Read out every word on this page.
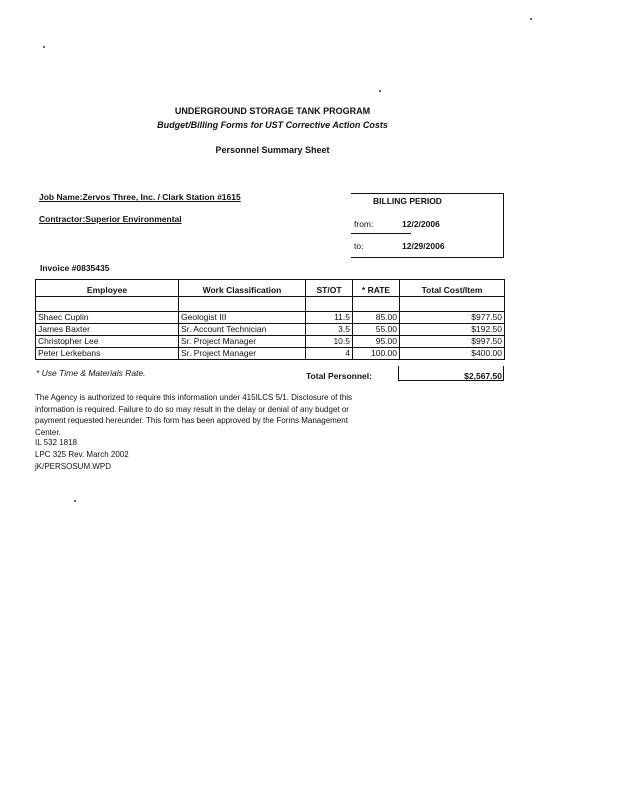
UNDERGROUND STORAGE TANK PROGRAM
Budget/Billing Forms for UST Corrective Action Costs
Personnel Summary Sheet
Job Name:Zervos Three, Inc. / Clark Station #1615
Contractor:Superior Environmental
Invoice #0835435
BILLING PERIOD
from:	12/2/2006
to:	12/29/2006
Employee	Work Classification	ST/OT	* RATE	Total Cost/Item

Shaec Cuplin	Geologist III	11.5	85.00	$977.50
James Baxter	Sr. Account Technician	3.5	55.00	$192.50
Christopher Lee	Sr. Project Manager	10.5	95.00	$997.50
Peter Lerkebans	Sr. Project Manager	4	100.00	$400.00
* Use Time & Materials Rate.	Total Personnel:	$2,567.50
The Agency is authorized to require this information under 415ILCS 5/1. Disclosure of this information is required. Failure to do so may result in the delay or denial of any budget or payment requested hereunder. This form has been approved by the Forms Management Center.
IL 532 1818
LPC 325 Rev. March 2002
jK/PERSOSUM.WPD
